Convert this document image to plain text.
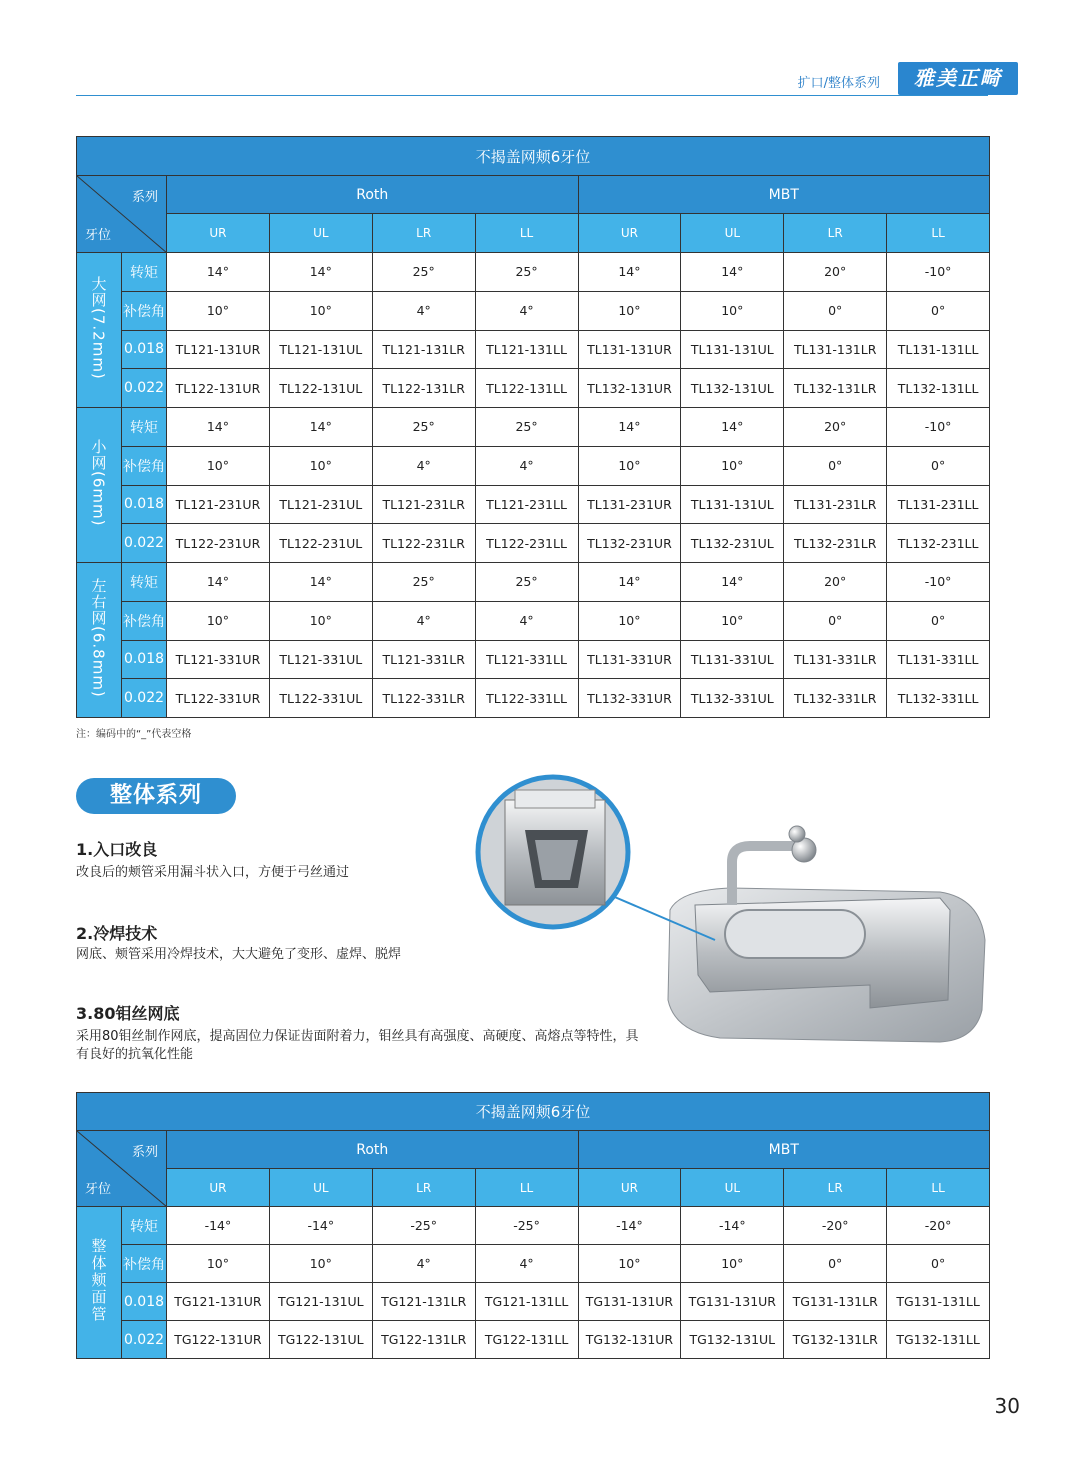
扩口/整体系列	雅美正畸
不揭盖网颊6牙位									

系列
牙位		Roth				MBT			
		UR	UL	LR	LL	UR	UL	LR	LL
大网(7.2mm)	转矩	14°	14°	25°	25°	14°	14°	20°	-10°
	补偿角	10°	10°	4°	4°	10°	10°	0°	0°
	0.018	TL121-131UR	TL121-131UL	TL121-131LR	TL121-131LL	TL131-131UR	TL131-131UL	TL131-131LR	TL131-131LL
	0.022	TL122-131UR	TL122-131UL	TL122-131LR	TL122-131LL	TL132-131UR	TL132-131UL	TL132-131LR	TL132-131LL
小网(6mm)	转矩	14°	14°	25°	25°	14°	14°	20°	-10°
	补偿角	10°	10°	4°	4°	10°	10°	0°	0°
	0.018	TL121-231UR	TL121-231UL	TL121-231LR	TL121-231LL	TL131-231UR	TL131-131UL	TL131-231LR	TL131-231LL
	0.022	TL122-231UR	TL122-231UL	TL122-231LR	TL122-231LL	TL132-231UR	TL132-231UL	TL132-231LR	TL132-231LL
左右网(6.8mm)	转矩	14°	14°	25°	25°	14°	14°	20°	-10°
	补偿角	10°	10°	4°	4°	10°	10°	0°	0°
	0.018	TL121-331UR	TL121-331UL	TL121-331LR	TL121-331LL	TL131-331UR	TL131-331UL	TL131-331LR	TL131-331LL
	0.022	TL122-331UR	TL122-331UL	TL122-331LR	TL122-331LL	TL132-331UR	TL132-331UL	TL132-331LR	TL132-331LL
注：编码中的“_”代表空格
整体系列
1.入口改良
改良后的颊管采用漏斗状入口，方便于弓丝通过
2.冷焊技术
网底、颊管采用冷焊技术，大大避免了变形、虚焊、脱焊
3.80钼丝网底
采用80钼丝制作网底，提高固位力保证齿面附着力，钼丝具有高强度、高硬度、高熔点等特性，具有良好的抗氧化性能
不揭盖网颊6牙位									

系列
牙位		Roth				MBT			
		UR	UL	LR	LL	UR	UL	LR	LL
整体颊面管	转矩	-14°	-14°	-25°	-25°	-14°	-14°	-20°	-20°
	补偿角	10°	10°	4°	4°	10°	10°	0°	0°
	0.018	TG121-131UR	TG121-131UL	TG121-131LR	TG121-131LL	TG131-131UR	TG131-131UR	TG131-131LR	TG131-131LL
	0.022	TG122-131UR	TG122-131UL	TG122-131LR	TG122-131LL	TG132-131UR	TG132-131UL	TG132-131LR	TG132-131LL
30
